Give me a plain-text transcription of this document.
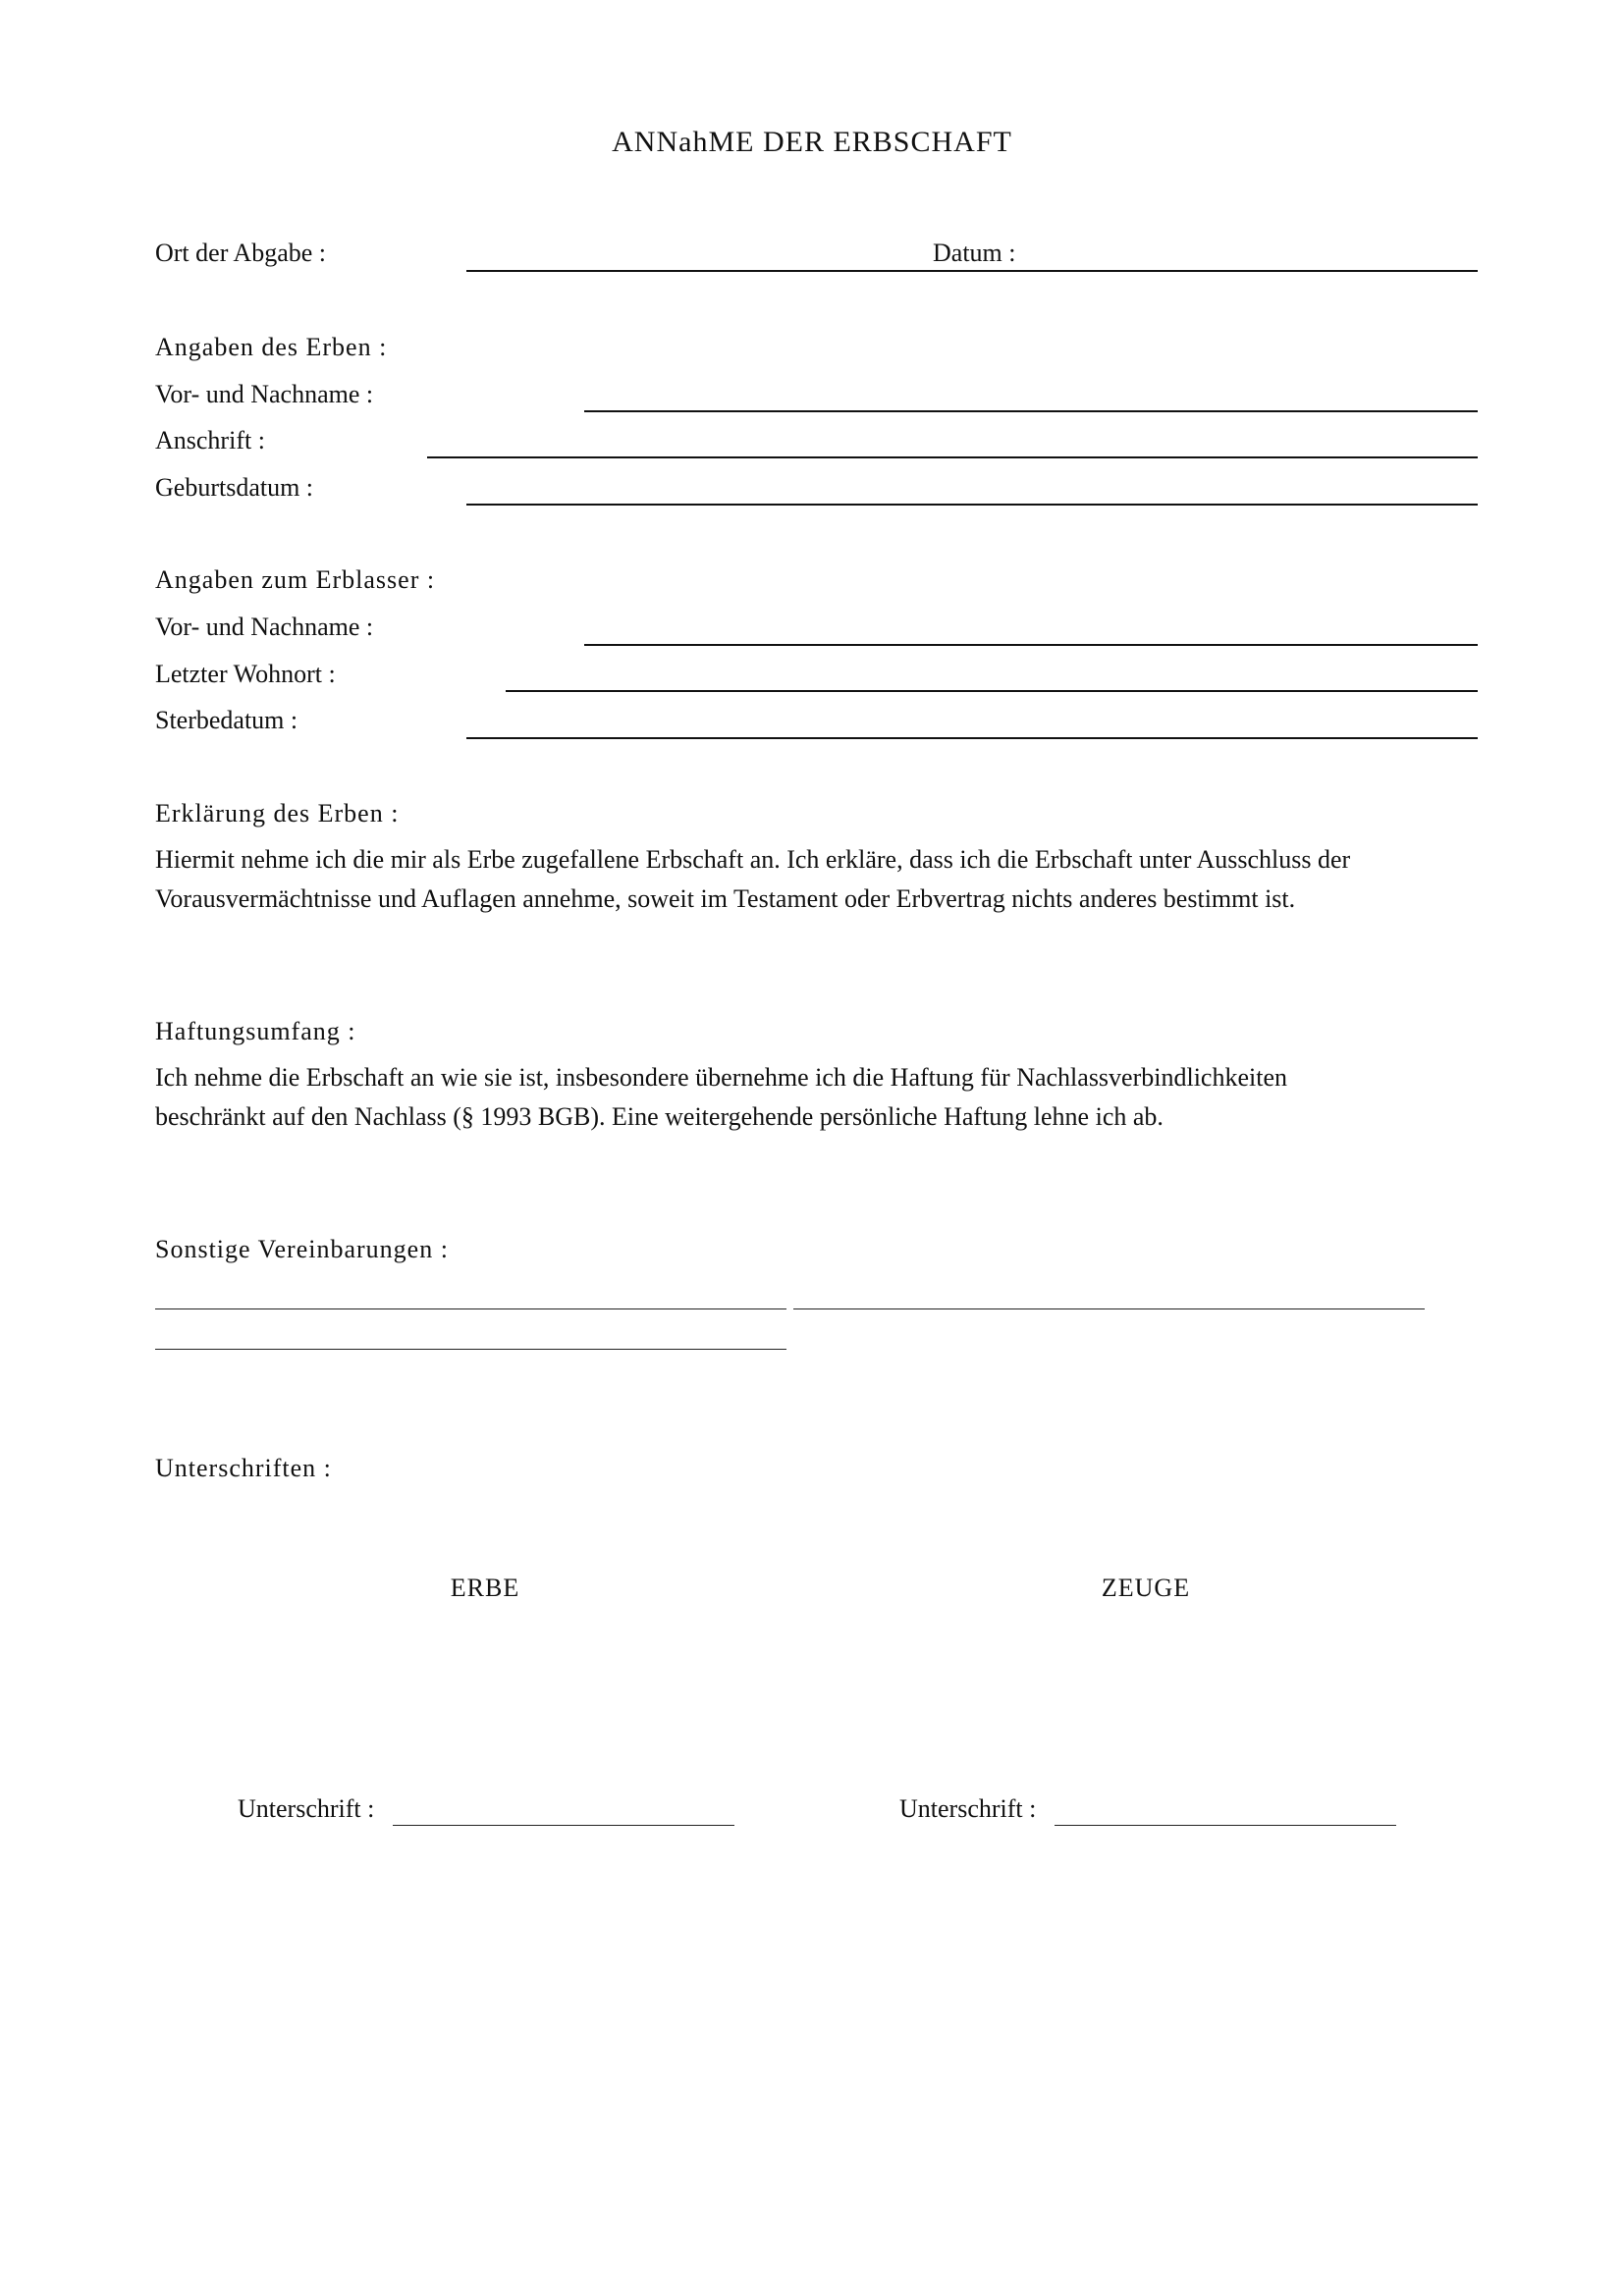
ANNahME DER ERBSCHAFT
Ort der Abgabe :	Datum :
Angaben des Erben :
Vor- und Nachname :
Anschrift :
Geburtsdatum :
Angaben zum Erblasser :
Vor- und Nachname :
Letzter Wohnort :
Sterbedatum :
Erklärung des Erben :
Hiermit nehme ich die mir als Erbe zugefallene Erbschaft an. Ich erkläre, dass ich die Erbschaft unter Ausschluss der
Vorausvermächtnisse und Auflagen annehme, soweit im Testament oder Erbvertrag nichts anderes bestimmt ist.
Haftungsumfang :
Ich nehme die Erbschaft an wie sie ist, insbesondere übernehme ich die Haftung für Nachlassverbindlichkeiten
beschränkt auf den Nachlass (§ 1993 BGB). Eine weitergehende persönliche Haftung lehne ich ab.
Sonstige Vereinbarungen :
Unterschriften :
ERBE	ZEUGE
Unterschrift :	Unterschrift :
